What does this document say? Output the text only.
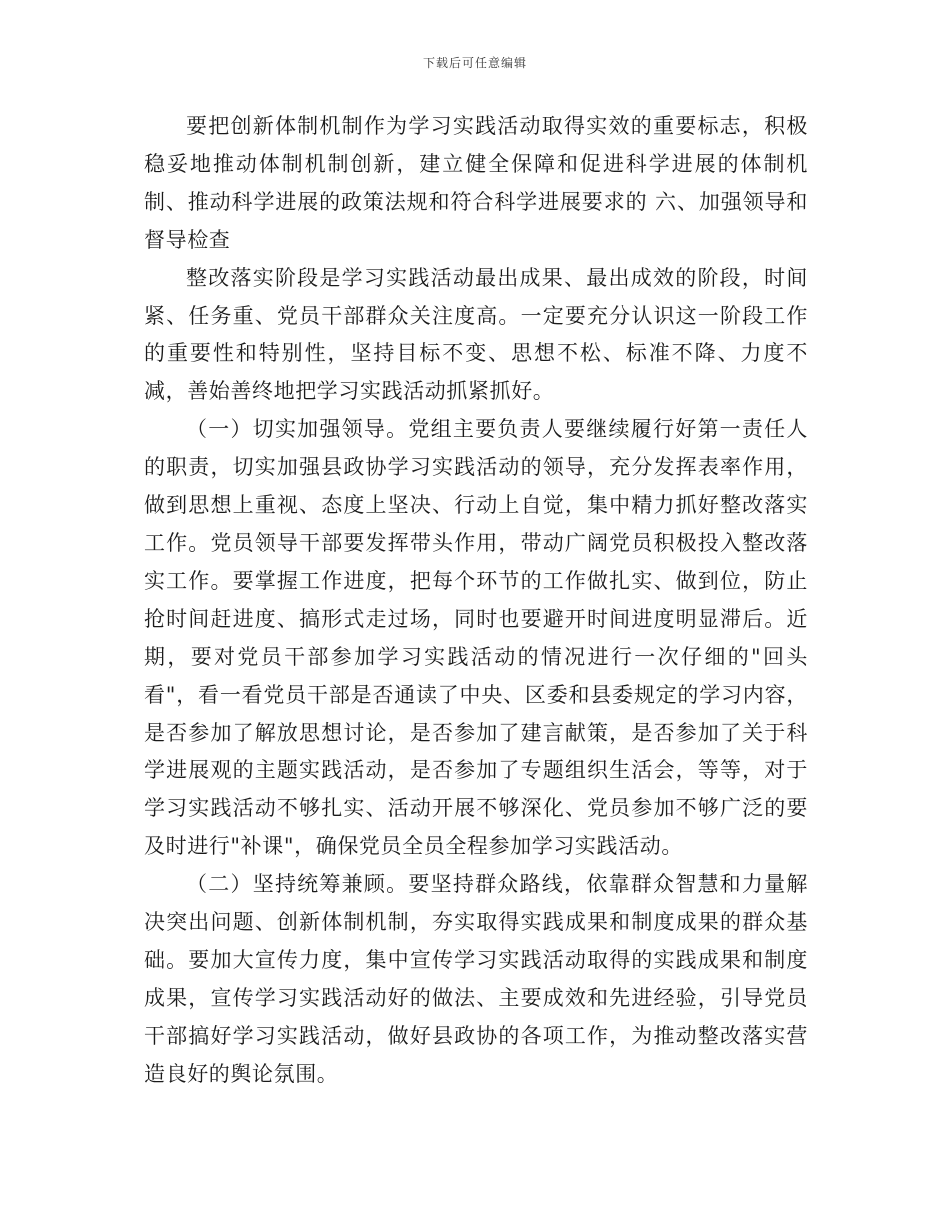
下载后可任意编辑

要把创新体制机制作为学习实践活动取得实效的重要标志，积极稳妥地推动体制机制创新，建立健全保障和促进科学进展的体制机制、推动科学进展的政策法规和符合科学进展要求的 六、加强领导和督导检查

整改落实阶段是学习实践活动最出成果、最出成效的阶段，时间紧、任务重、党员干部群众关注度高。一定要充分认识这一阶段工作的重要性和特别性，坚持目标不变、思想不松、标准不降、力度不减，善始善终地把学习实践活动抓紧抓好。

（一）切实加强领导。党组主要负责人要继续履行好第一责任人的职责，切实加强县政协学习实践活动的领导，充分发挥表率作用，做到思想上重视、态度上坚决、行动上自觉，集中精力抓好整改落实工作。党员领导干部要发挥带头作用，带动广阔党员积极投入整改落实工作。要掌握工作进度，把每个环节的工作做扎实、做到位，防止抢时间赶进度、搞形式走过场，同时也要避开时间进度明显滞后。近期，要对党员干部参加学习实践活动的情况进行一次仔细的"回头看"，看一看党员干部是否通读了中央、区委和县委规定的学习内容，是否参加了解放思想讨论，是否参加了建言献策，是否参加了关于科学进展观的主题实践活动，是否参加了专题组织生活会，等等，对于学习实践活动不够扎实、活动开展不够深化、党员参加不够广泛的要及时进行"补课"，确保党员全员全程参加学习实践活动。

（二）坚持统筹兼顾。要坚持群众路线，依靠群众智慧和力量解决突出问题、创新体制机制，夯实取得实践成果和制度成果的群众基础。要加大宣传力度，集中宣传学习实践活动取得的实践成果和制度成果，宣传学习实践活动好的做法、主要成效和先进经验，引导党员干部搞好学习实践活动，做好县政协的各项工作，为推动整改落实营造良好的舆论氛围。
